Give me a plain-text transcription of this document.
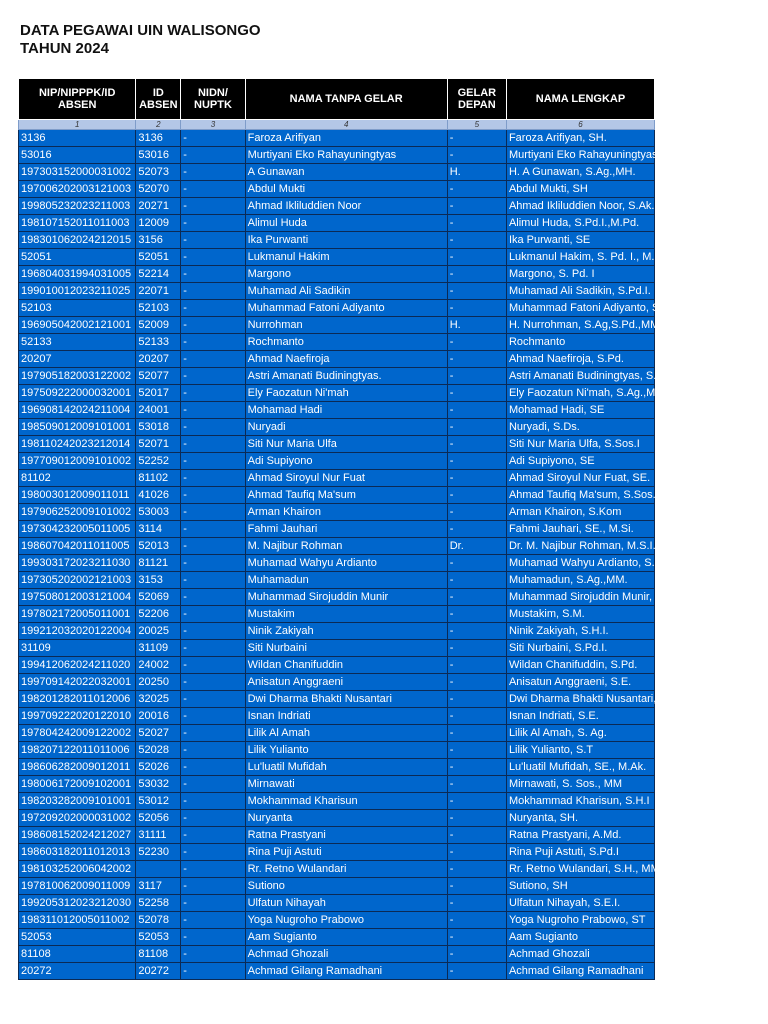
DATA PEGAWAI UIN WALISONGO
TAHUN 2024
NIP/NIPPPK/ID ABSEN	ID ABSEN	NIDN/ NUPTK	NAMA TANPA GELAR	GELAR DEPAN	NAMA LENGKAP
1	2	3	4	5	6
3136	3136	-	Faroza Arifiyan	-	Faroza Arifiyan, SH.
53016	53016	-	Murtiyani Eko Rahayuningtyas	-	Murtiyani Eko Rahayuningtyas, S
197303152000031002	52073	-	A Gunawan	H.	H. A Gunawan, S.Ag.,MH.
197006202003121003	52070	-	Abdul Mukti	-	Abdul Mukti, SH
199805232023211003	20271	-	Ahmad Ikliluddien Noor	-	Ahmad Ikliluddien Noor, S.Ak.
198107152011011003	12009	-	Alimul Huda	-	Alimul Huda, S.Pd.I.,M.Pd.
198301062024212015	3156	-	Ika Purwanti	-	Ika Purwanti, SE
52051	52051	-	Lukmanul Hakim	-	Lukmanul Hakim, S. Pd. I., M.M
196804031994031005	52214	-	Margono	-	Margono, S. Pd. I
199010012023211025	22071	-	Muhamad Ali Sadikin	-	Muhamad Ali Sadikin, S.Pd.I.
52103	52103	-	Muhammad Fatoni Adiyanto	-	Muhammad Fatoni Adiyanto, S.
196905042002121001	52009	-	Nurrohman	H.	H. Nurrohman, S.Ag,S.Pd.,MM.
52133	52133	-	Rochmanto	-	Rochmanto
20207	20207	-	Ahmad Naefiroja	-	Ahmad Naefiroja, S.Pd.
197905182003122002	52077	-	Astri Amanati Budiningtyas.	-	Astri Amanati Budiningtyas, S.Sos.MM
197509222000032001	52017	-	Ely Faozatun Ni'mah	-	Ely Faozatun Ni'mah, S.Ag.,MM
196908142024211004	24001	-	Mohamad Hadi	-	Mohamad Hadi, SE
198509012009101001	53018	-	Nuryadi	-	Nuryadi, S.Ds.
198110242023212014	52071	-	Siti Nur Maria Ulfa	-	Siti Nur Maria Ulfa, S.Sos.I
197709012009101002	52252	-	Adi Supiyono	-	Adi Supiyono, SE
81102	81102	-	Ahmad Siroyul Nur Fuat	-	Ahmad Siroyul Nur Fuat, SE.
198003012009011011	41026	-	Ahmad Taufiq Ma'sum	-	Ahmad Taufiq Ma'sum, S.Sos.
197906252009101002	53003	-	Arman Khairon	-	Arman Khairon, S.Kom
197304232005011005	3114	-	Fahmi Jauhari	-	Fahmi Jauhari, SE., M.Si.
198607042011011005	52013	-	M. Najibur Rohman	Dr.	Dr. M. Najibur Rohman, M.S.I.
199303172023211030	81121	-	Muhamad Wahyu Ardianto	-	Muhamad Wahyu Ardianto, S.H
197305202002121003	3153	-	Muhamadun	-	Muhamadun, S.Ag.,MM.
197508012003121004	52069	-	Muhammad Sirojuddin Munir	-	Muhammad Sirojuddin Munir, S.Ag., M.M.
197802172005011001	52206	-	Mustakim	-	Mustakim, S.M.
199212032020122004	20025	-	Ninik Zakiyah	-	Ninik Zakiyah, S.H.I.
31109	31109	-	Siti Nurbaini	-	Siti Nurbaini, S.Pd.I.
199412062024211020	24002	-	Wildan Chanifuddin	-	Wildan Chanifuddin, S.Pd.
199709142022032001	20250	-	Anisatun Anggraeni	-	Anisatun Anggraeni, S.E.
198201282011012006	32025	-	Dwi Dharma Bhakti Nusantari	-	Dwi Dharma Bhakti Nusantari, SE
199709222020122010	20016	-	Isnan Indriati	-	Isnan Indriati, S.E.
197804242009122002	52027	-	Lilik Al Amah	-	Lilik Al Amah, S. Ag.
198207122011011006	52028	-	Lilik Yulianto	-	Lilik Yulianto, S.T
198606282009012011	52026	-	Lu'luatil Mufidah	-	Lu'luatil Mufidah, SE., M.Ak.
198006172009102001	53032	-	Mirnawati	-	Mirnawati, S. Sos., MM
198203282009101001	53012	-	Mokhammad Kharisun	-	Mokhammad Kharisun, S.H.I
197209202000031002	52056	-	Nuryanta	-	Nuryanta, SH.
198608152024212027	31111	-	Ratna Prastyani	-	Ratna Prastyani, A.Md.
198603182011012013	52230	-	Rina Puji Astuti	-	Rina Puji Astuti, S.Pd.I
198103252006042002		-	Rr. Retno Wulandari	-	Rr. Retno Wulandari, S.H., MM
197810062009011009	3117	-	Sutiono	-	Sutiono, SH
199205312023212030	52258	-	Ulfatun Nihayah	-	Ulfatun Nihayah, S.E.I.
198311012005011002	52078	-	Yoga Nugroho Prabowo	-	Yoga Nugroho Prabowo, ST
52053	52053	-	Aam Sugianto	-	Aam Sugianto
81108	81108	-	Achmad Ghozali	-	Achmad Ghozali
20272	20272	-	Achmad Gilang Ramadhani	-	Achmad Gilang Ramadhani
